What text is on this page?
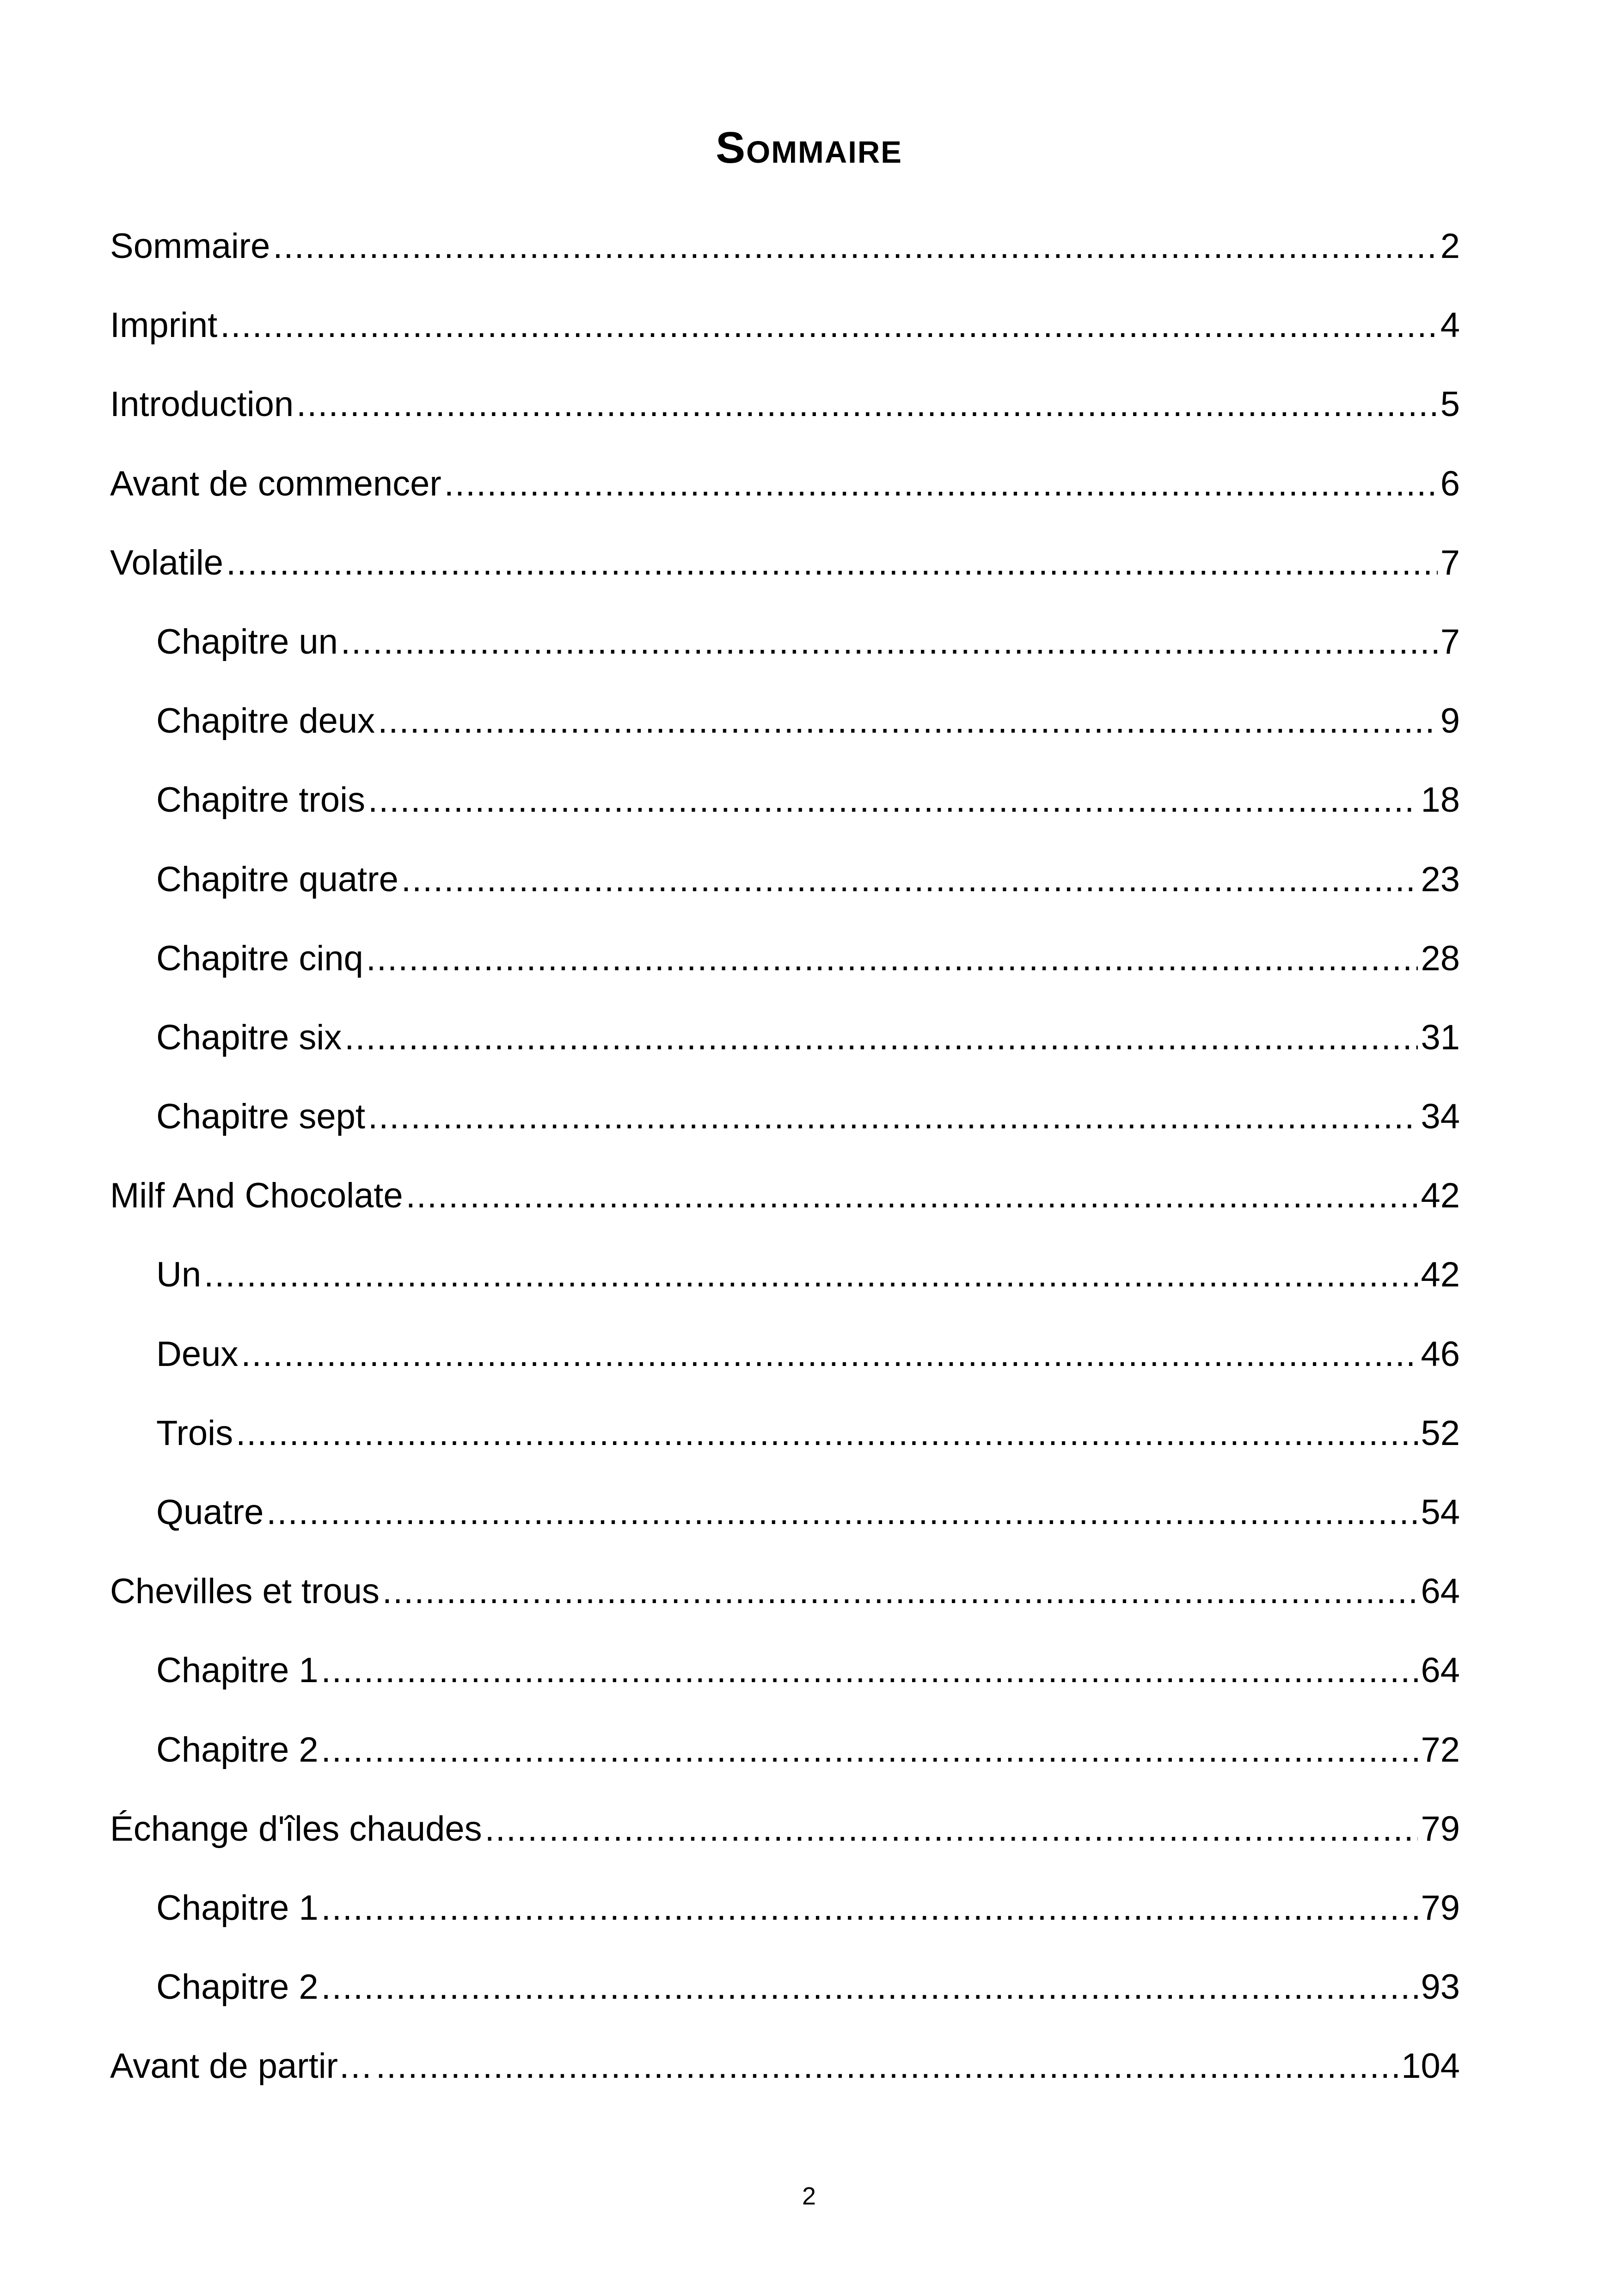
Sommaire
Sommaire .....	2
Imprint .....	4
Introduction .....	5
Avant de commencer .....	6
Volatile .....	7
Chapitre un .....	7
Chapitre deux .....	9
Chapitre trois .....	18
Chapitre quatre .....	23
Chapitre cinq .....	28
Chapitre six .....	31
Chapitre sept .....	34
Milf And Chocolate .....	42
Un .....	42
Deux .....	46
Trois .....	52
Quatre .....	54
Chevilles et trous .....	64
Chapitre 1 .....	64
Chapitre 2 .....	72
Échange d'îles chaudes .....	79
Chapitre 1 .....	79
Chapitre 2 .....	93
Avant de partir… .....	104
2
